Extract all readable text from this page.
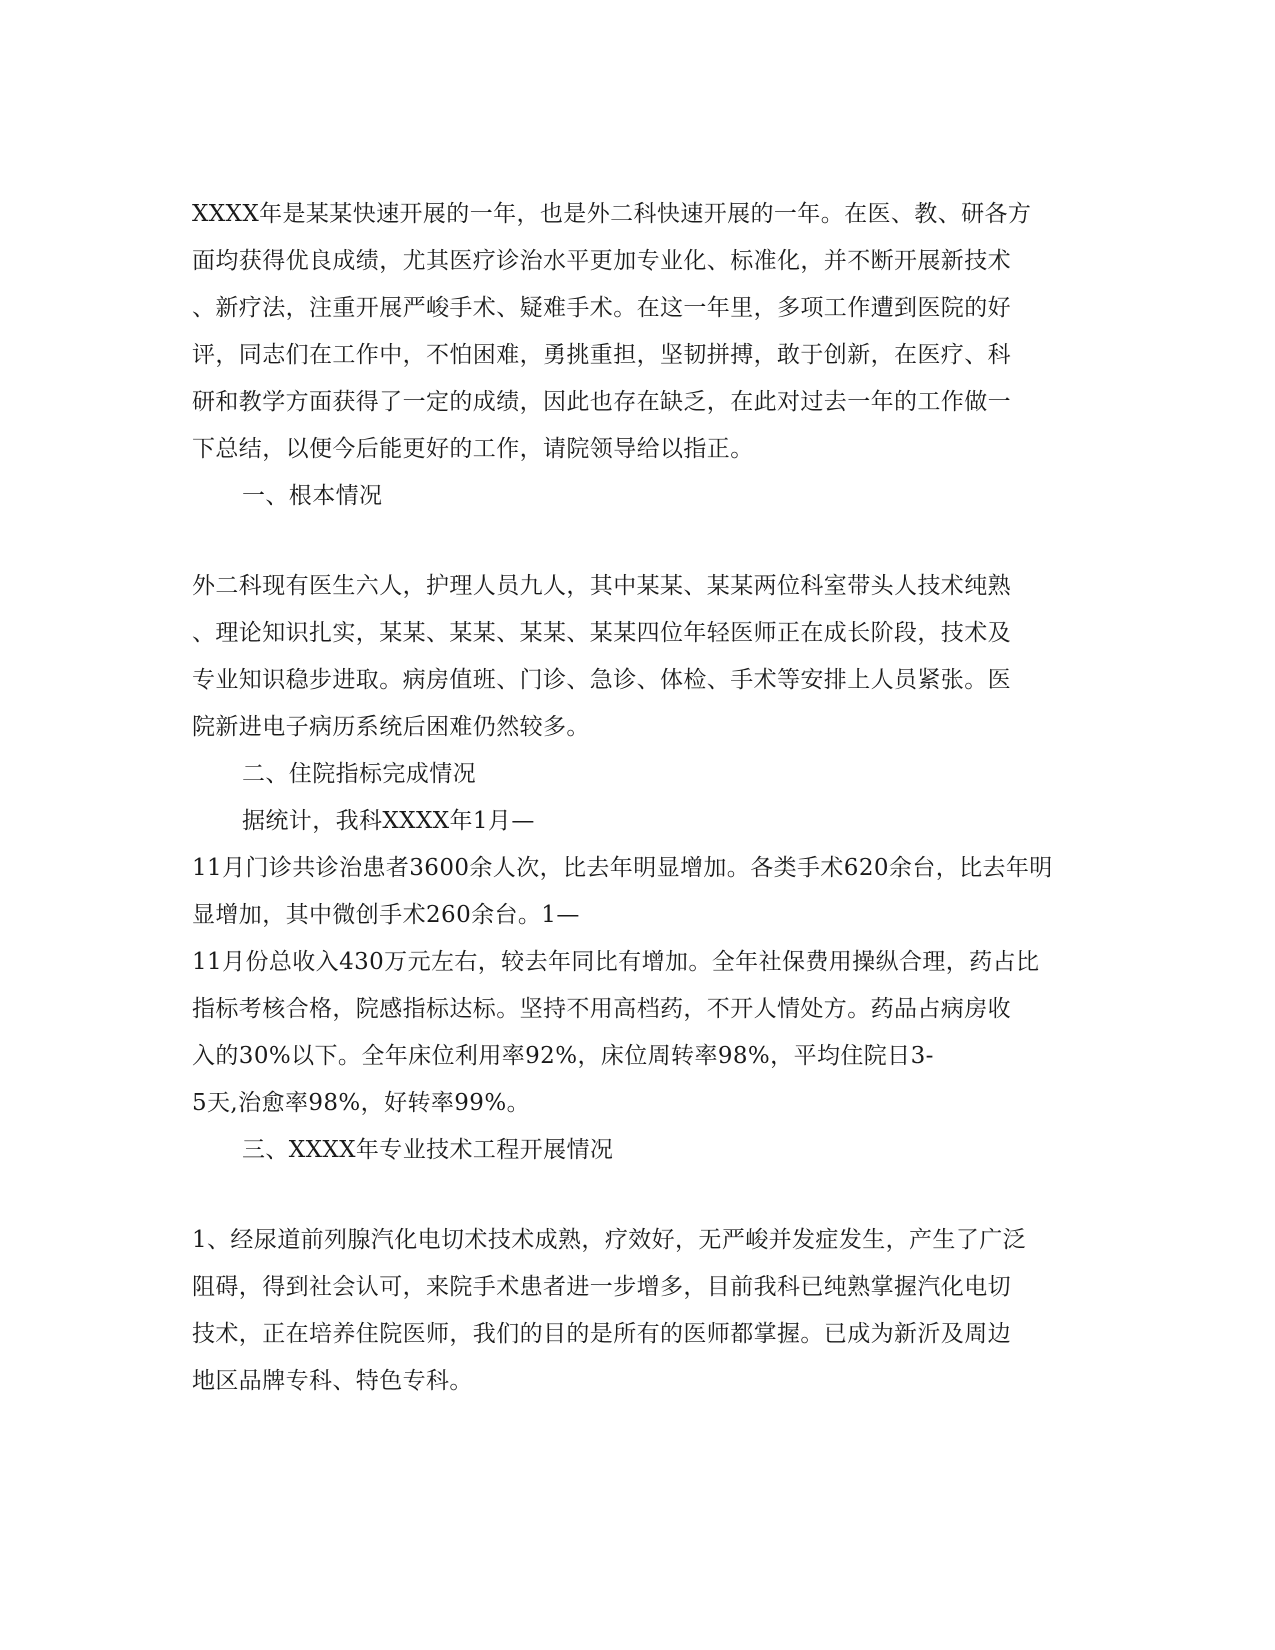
XXXX年是某某快速开展的一年，也是外二科快速开展的一年。在医、教、研各方
面均获得优良成绩，尤其医疗诊治水平更加专业化、标准化，并不断开展新技术
、新疗法，注重开展严峻手术、疑难手术。在这一年里，多项工作遭到医院的好
评，同志们在工作中，不怕困难，勇挑重担，坚韧拼搏，敢于创新，在医疗、科
研和教学方面获得了一定的成绩，因此也存在缺乏，在此对过去一年的工作做一
下总结，以便今后能更好的工作，请院领导给以指正。
一、根本情况
外二科现有医生六人，护理人员九人，其中某某、某某两位科室带头人技术纯熟
、理论知识扎实，某某、某某、某某、某某四位年轻医师正在成长阶段，技术及
专业知识稳步进取。病房值班、门诊、急诊、体检、手术等安排上人员紧张。医
院新进电子病历系统后困难仍然较多。
二、住院指标完成情况
据统计，我科XXXX年1月—
11月门诊共诊治患者3600余人次，比去年明显增加。各类手术620余台，比去年明
显增加，其中微创手术260余台。1—
11月份总收入430万元左右，较去年同比有增加。全年社保费用操纵合理，药占比
指标考核合格，院感指标达标。坚持不用高档药，不开人情处方。药品占病房收
入的30%以下。全年床位利用率92%，床位周转率98%，平均住院日3-
5天,治愈率98%，好转率99%。
三、XXXX年专业技术工程开展情况
1、经尿道前列腺汽化电切术技术成熟，疗效好，无严峻并发症发生，产生了广泛
阻碍，得到社会认可，来院手术患者进一步增多，目前我科已纯熟掌握汽化电切
技术，正在培养住院医师，我们的目的是所有的医师都掌握。已成为新沂及周边
地区品牌专科、特色专科。
